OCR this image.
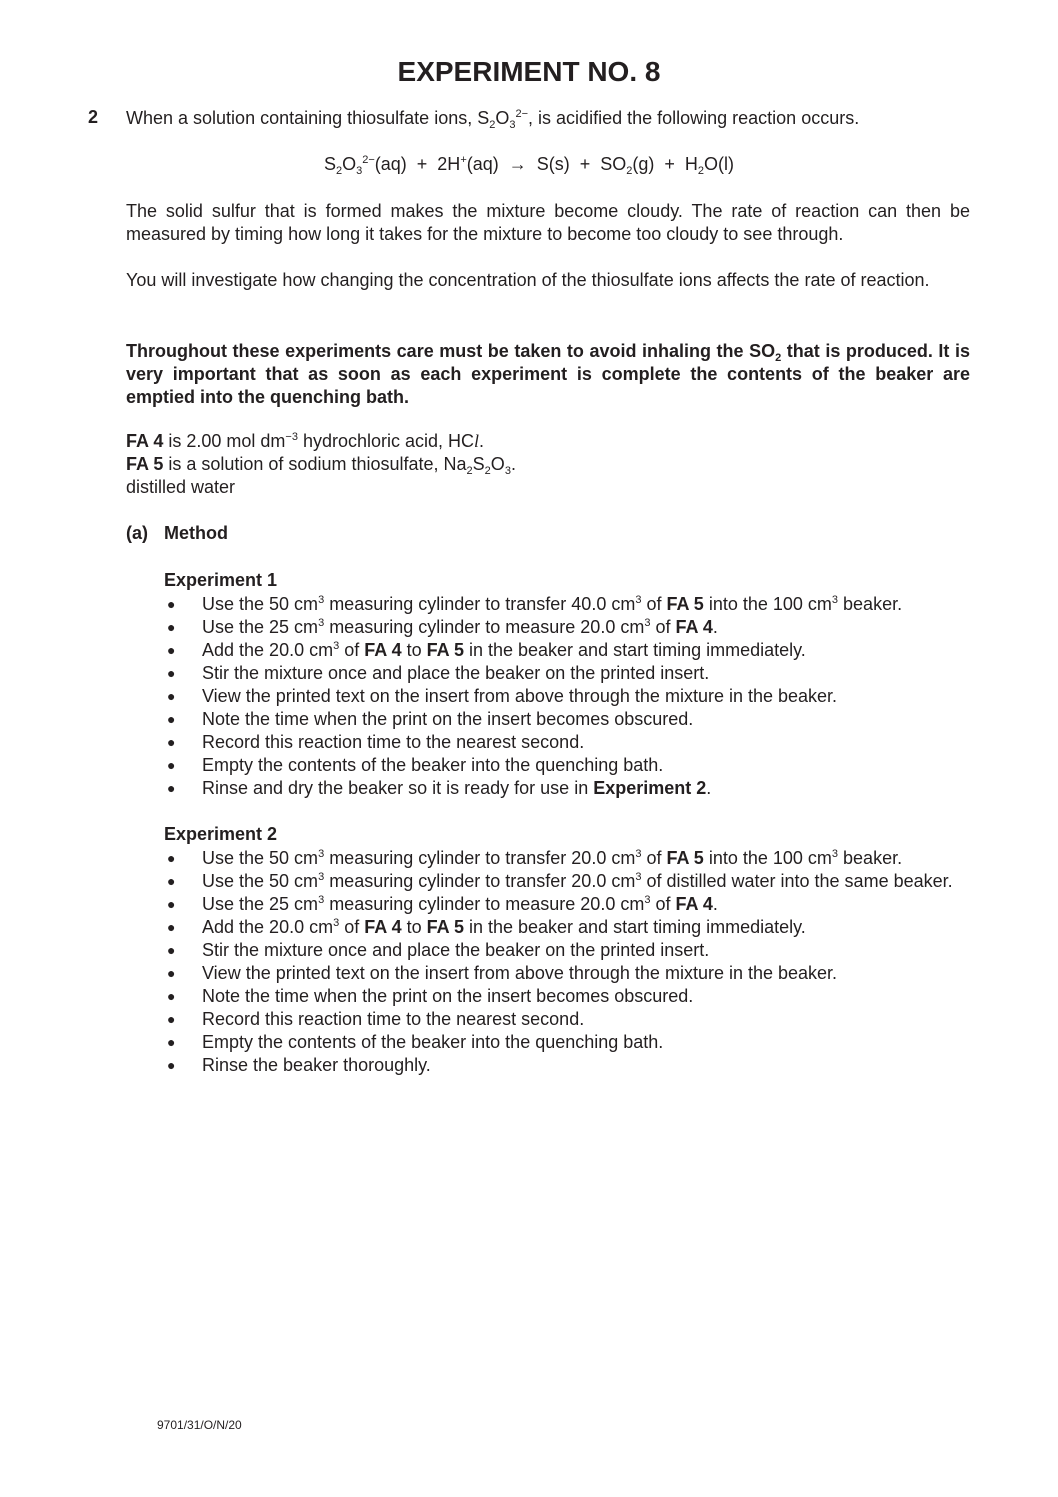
EXPERIMENT NO. 8
2 When a solution containing thiosulfate ions, $S_2O_3^{2-}$, is acidified the following reaction occurs.
$S_2O_3^{2-}(aq) + 2H^+(aq) \to S(s) + SO_2(g) + H_2O(l)$
The solid sulfur that is formed makes the mixture become cloudy. The rate of reaction can then be measured by timing how long it takes for the mixture to become too cloudy to see through.
You will investigate how changing the concentration of the thiosulfate ions affects the rate of reaction.
Throughout these experiments care must be taken to avoid inhaling the $SO_2$ that is produced. It is very important that as soon as each experiment is complete the contents of the beaker are emptied into the quenching bath.
FA 4 is 2.00 mol $dm^{-3}$ hydrochloric acid, HCl.
FA 5 is a solution of sodium thiosulfate, $Na_2S_2O_3$.
distilled water
(a) Method
Experiment 1
● Use the 50 $cm^3$ measuring cylinder to transfer 40.0 $cm^3$ of FA 5 into the 100 $cm^3$ beaker.
● Use the 25 $cm^3$ measuring cylinder to measure 20.0 $cm^3$ of FA 4.
● Add the 20.0 $cm^3$ of FA 4 to FA 5 in the beaker and start timing immediately.
● Stir the mixture once and place the beaker on the printed insert.
● View the printed text on the insert from above through the mixture in the beaker.
● Note the time when the print on the insert becomes obscured.
● Record this reaction time to the nearest second.
● Empty the contents of the beaker into the quenching bath.
● Rinse and dry the beaker so it is ready for use in Experiment 2.
Experiment 2
● Use the 50 $cm^3$ measuring cylinder to transfer 20.0 $cm^3$ of FA 5 into the 100 $cm^3$ beaker.
● Use the 50 $cm^3$ measuring cylinder to transfer 20.0 $cm^3$ of distilled water into the same beaker.
● Use the 25 $cm^3$ measuring cylinder to measure 20.0 $cm^3$ of FA 4.
● Add the 20.0 $cm^3$ of FA 4 to FA 5 in the beaker and start timing immediately.
● Stir the mixture once and place the beaker on the printed insert.
● View the printed text on the insert from above through the mixture in the beaker.
● Note the time when the print on the insert becomes obscured.
● Record this reaction time to the nearest second.
● Empty the contents of the beaker into the quenching bath.
● Rinse the beaker thoroughly.
9701/31/O/N/20
